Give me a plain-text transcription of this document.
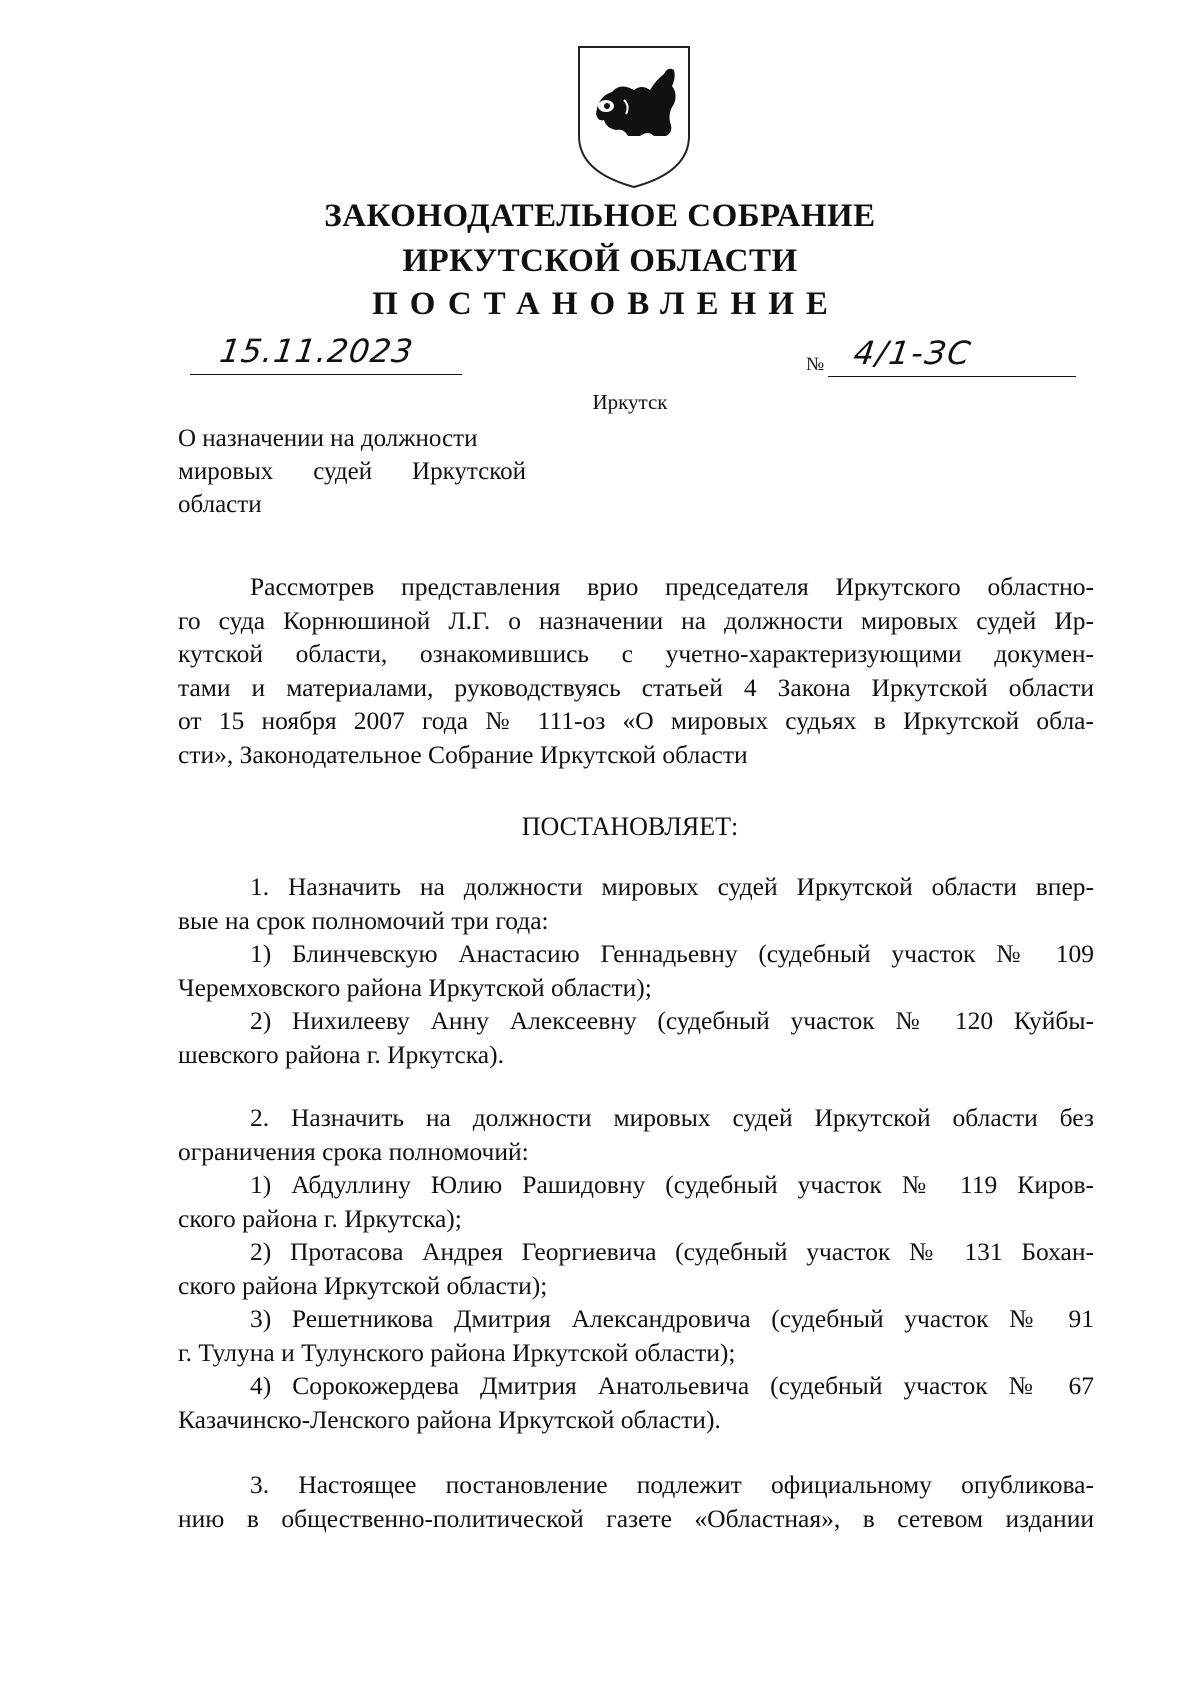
ЗАКОНОДАТЕЛЬНОЕ СОБРАНИЕ
ИРКУТСКОЙ ОБЛАСТИ
ПОСТАНОВЛЕНИЕ
15.11.2023	№ 4/1-ЗС
Иркутск
О назначении на должности
мировых судей Иркутской
области
Рассмотрев представления врио председателя Иркутского областно-
го суда Корнюшиной Л.Г. о назначении на должности мировых судей Ир-
кутской области, ознакомившись с учетно-характеризующими докумен-
тами и материалами, руководствуясь статьей 4 Закона Иркутской области
от 15 ноября 2007 года № 111-оз «О мировых судьях в Иркутской обла-
сти», Законодательное Собрание Иркутской области
ПОСТАНОВЛЯЕТ:
1. Назначить на должности мировых судей Иркутской области впер-
вые на срок полномочий три года:
1) Блинчевскую Анастасию Геннадьевну (судебный участок № 109
Черемховского района Иркутской области);
2) Нихилееву Анну Алексеевну (судебный участок № 120 Куйбы-
шевского района г. Иркутска).
2. Назначить на должности мировых судей Иркутской области без
ограничения срока полномочий:
1) Абдуллину Юлию Рашидовну (судебный участок № 119 Киров-
ского района г. Иркутска);
2) Протасова Андрея Георгиевича (судебный участок № 131 Бохан-
ского района Иркутской области);
3) Решетникова Дмитрия Александровича (судебный участок № 91
г. Тулуна и Тулунского района Иркутской области);
4) Сорокожердева Дмитрия Анатольевича (судебный участок № 67
Казачинско-Ленского района Иркутской области).
3. Настоящее постановление подлежит официальному опубликова-
нию в общественно-политической газете «Областная», в сетевом издании
